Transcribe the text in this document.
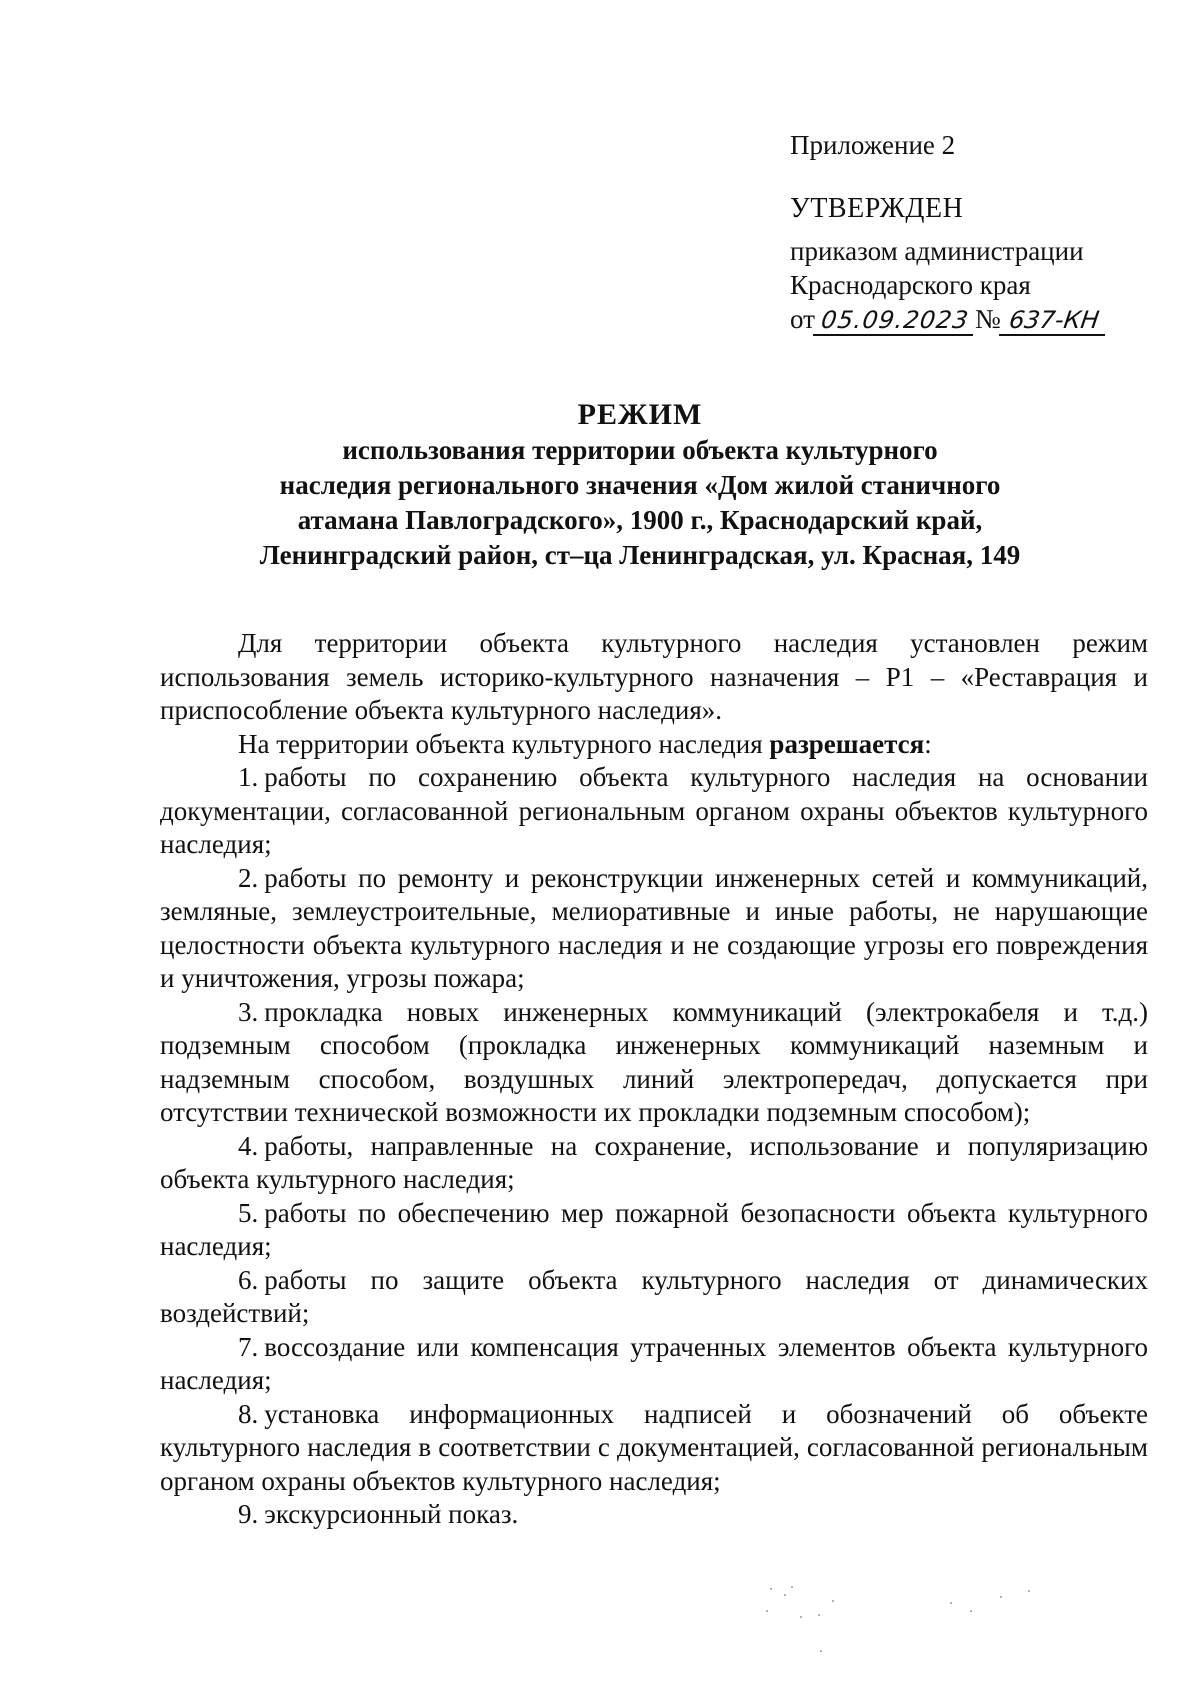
Приложение 2
УТВЕРЖДЕН
приказом администрации
Краснодарского края
от 05.09.2023 № 637-КН
РЕЖИМ
использования территории объекта культурного
наследия регионального значения «Дом жилой станичного
атамана Павлоградского», 1900 г., Краснодарский край,
Ленинградский район, ст–ца Ленинградская, ул. Красная, 149

Для территории объекта культурного наследия установлен режим использования земель историко-культурного назначения – Р1 – «Реставрация и приспособление объекта культурного наследия».

На территории объекта культурного наследия разрешается:

1. работы по сохранению объекта культурного наследия на основании документации, согласованной региональным органом охраны объектов культурного наследия;
2. работы по ремонту и реконструкции инженерных сетей и коммуникаций, земляные, землеустроительные, мелиоративные и иные работы, не нарушающие целостности объекта культурного наследия и не создающие угрозы его повреждения и уничтожения, угрозы пожара;
3. прокладка новых инженерных коммуникаций (электрокабеля и т.д.) подземным способом (прокладка инженерных коммуникаций наземным и надземным способом, воздушных линий электропередач, допускается при отсутствии технической возможности их прокладки подземным способом);
4. работы, направленные на сохранение, использование и популяризацию объекта культурного наследия;
5. работы по обеспечению мер пожарной безопасности объекта культурного наследия;
6. работы по защите объекта культурного наследия от динамических воздействий;
7. воссоздание или компенсация утраченных элементов объекта культурного наследия;
8. установка информационных надписей и обозначений об объекте культурного наследия в соответствии с документацией, согласованной региональным органом охраны объектов культурного наследия;
9. экскурсионный показ.
